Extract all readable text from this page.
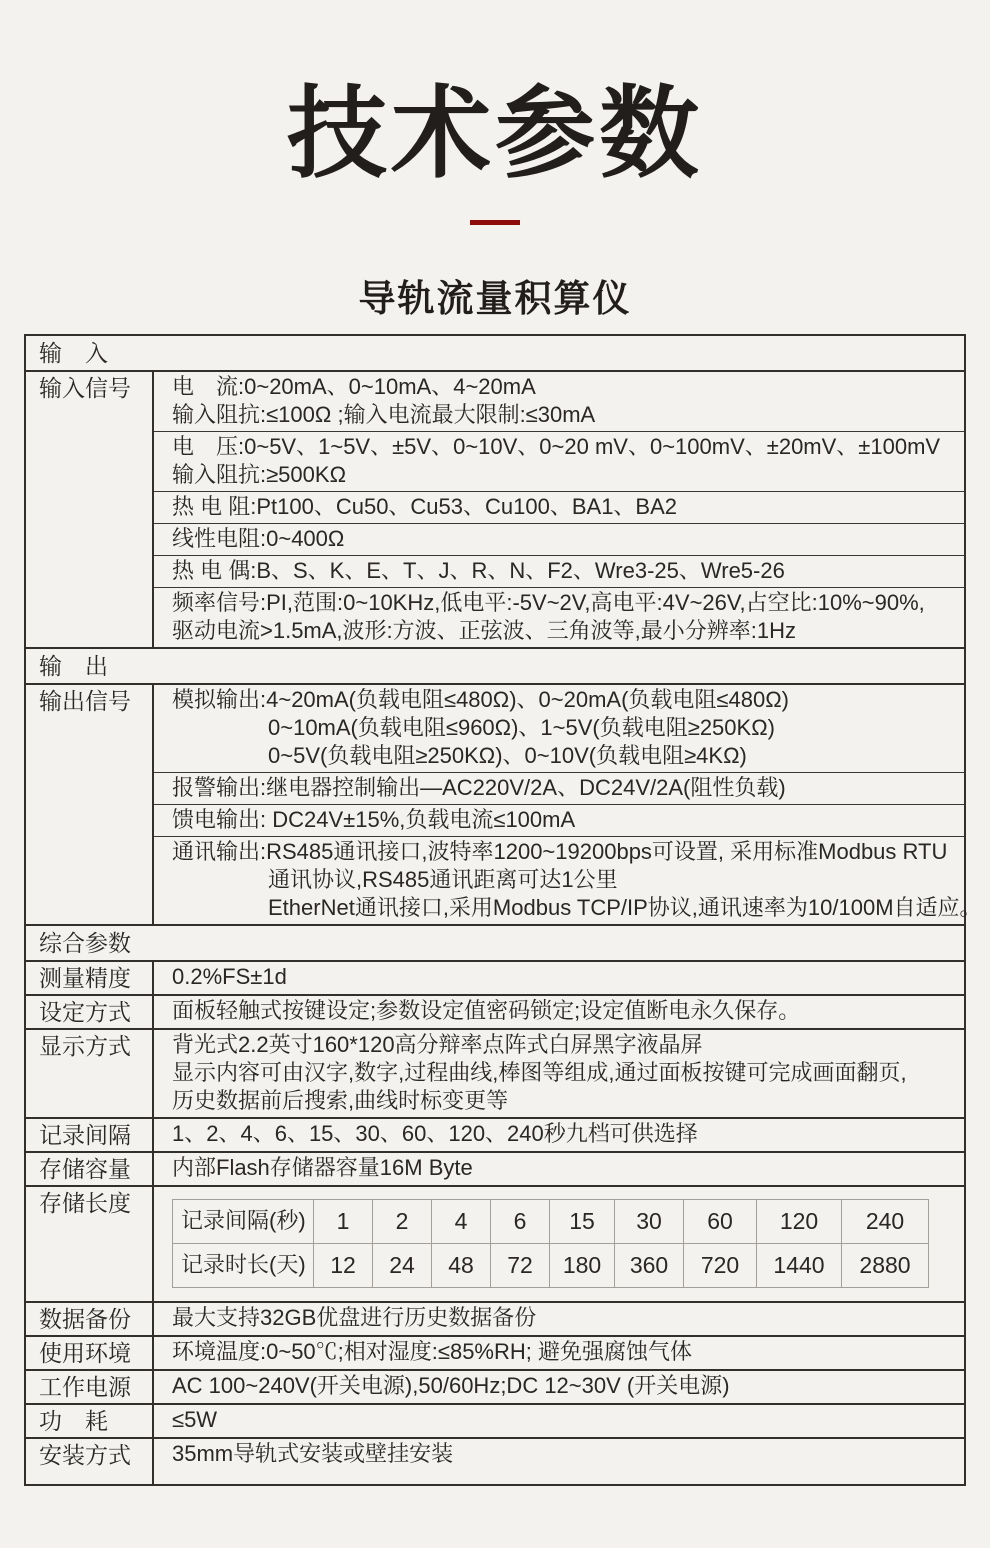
技术参数
导轨流量积算仪
输　入
输入信号	电　流:0~20mA、0~10mA、4~20mA
输入阻抗:≤100Ω ;输入电流最大限制:≤30mA
电　压:0~5V、1~5V、±5V、0~10V、0~20 mV、0~100mV、±20mV、±100mV
输入阻抗:≥500KΩ
热 电 阻:Pt100、Cu50、Cu53、Cu100、BA1、BA2
线性电阻:0~400Ω
热 电 偶:B、S、K、E、T、J、R、N、F2、Wre3-25、Wre5-26
频率信号:PI,范围:0~10KHz,低电平:-5V~2V,高电平:4V~26V,占空比:10%~90%,
驱动电流>1.5mA,波形:方波、正弦波、三角波等,最小分辨率:1Hz
输　出
输出信号	模拟输出:4~20mA(负载电阻≤480Ω)、0~20mA(负载电阻≤480Ω)
0~10mA(负载电阻≤960Ω)、1~5V(负载电阻≥250KΩ)
0~5V(负载电阻≥250KΩ)、0~10V(负载电阻≥4KΩ)
报警输出:继电器控制输出—AC220V/2A、DC24V/2A(阻性负载)
馈电输出: DC24V±15%,负载电流≤100mA
通讯输出:RS485通讯接口,波特率1200~19200bps可设置, 采用标准Modbus RTU
通讯协议,RS485通讯距离可达1公里
EtherNet通讯接口,采用Modbus TCP/IP协议,通讯速率为10/100M自适应。
综合参数
测量精度	0.2%FS±1d
设定方式	面板轻触式按键设定;参数设定值密码锁定;设定值断电永久保存。
显示方式	背光式2.2英寸160*120高分辩率点阵式白屏黑字液晶屏
显示内容可由汉字,数字,过程曲线,棒图等组成,通过面板按键可完成画面翻页,
历史数据前后搜索,曲线时标变更等
记录间隔	1、2、4、6、15、30、60、120、240秒九档可供选择
存储容量	内部Flash存储器容量16M Byte
存储长度
记录间隔(秒)	1	2	4	6	15	30	60	120	240
记录时长(天)	12	24	48	72	180	360	720	1440	2880
数据备份	最大支持32GB优盘进行历史数据备份
使用环境	环境温度:0~50℃;相对湿度:≤85%RH; 避免强腐蚀气体
工作电源	AC 100~240V(开关电源),50/60Hz;DC 12~30V (开关电源)
功　耗	≤5W
安装方式	35mm导轨式安装或壁挂安装
